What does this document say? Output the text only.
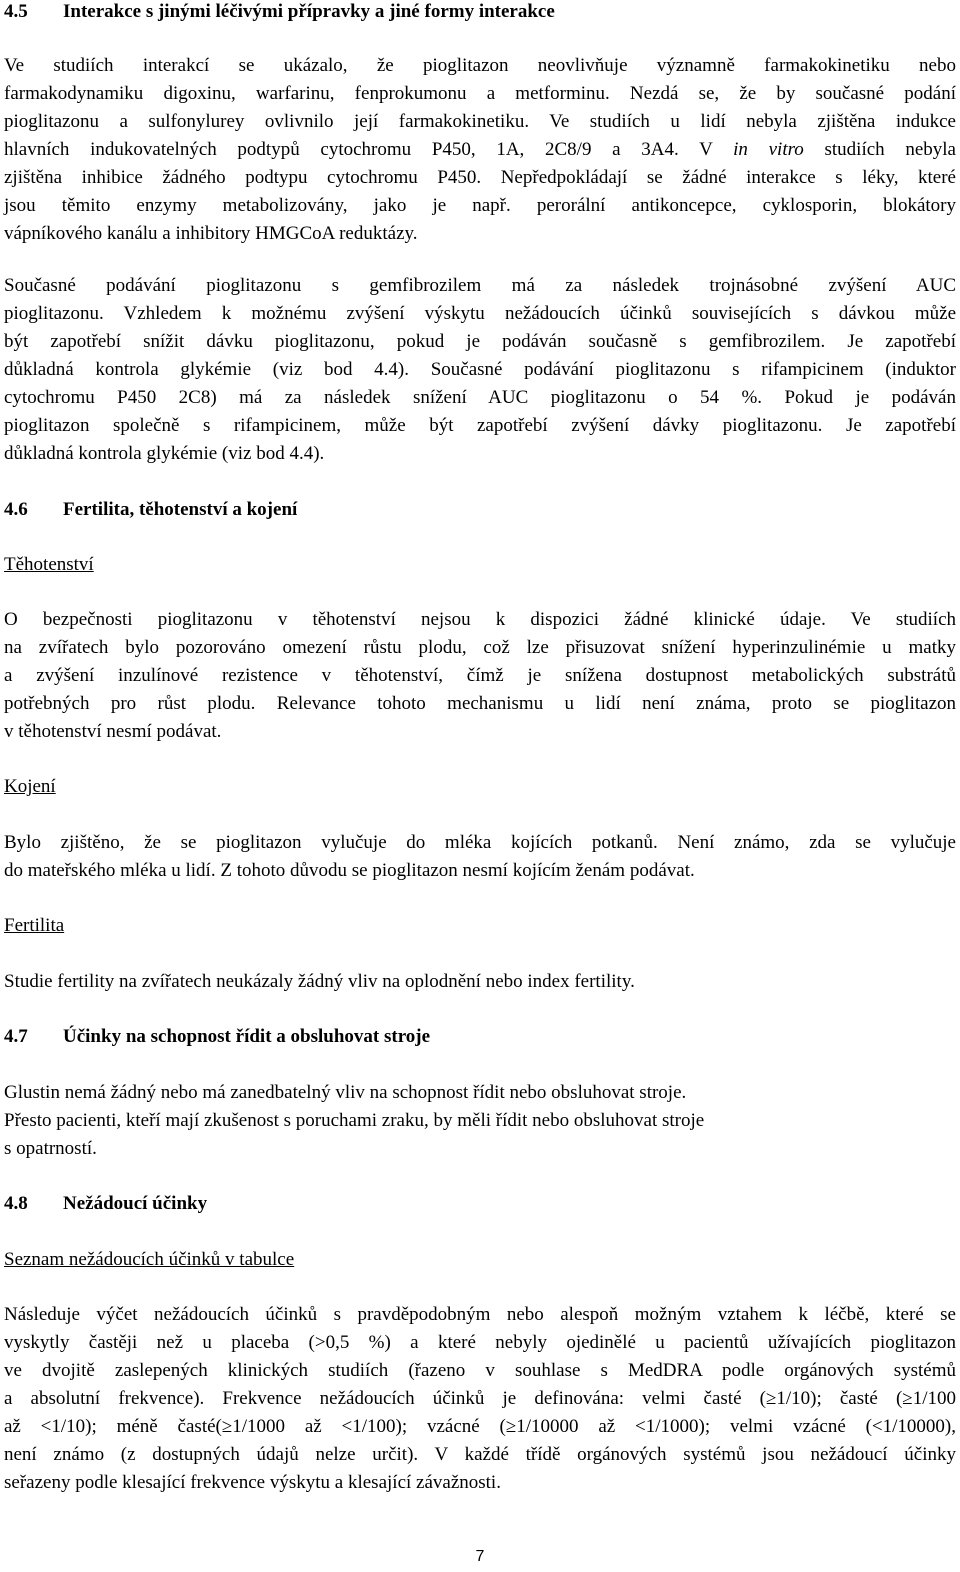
4.5 Interakce s jinými léčivými přípravky a jiné formy interakce
Ve studiích interakcí se ukázalo, že pioglitazon neovlivňuje významně farmakokinetiku nebo
farmakodynamiku digoxinu, warfarinu, fenprokumonu a metforminu. Nezdá se, že by současné podání
pioglitazonu a sulfonylurey ovlivnilo její farmakokinetiku. Ve studiích u lidí nebyla zjištěna indukce
hlavních indukovatelných podtypů cytochromu P450, 1A, 2C8/9 a 3A4. V in vitro studiích nebyla
zjištěna inhibice žádného podtypu cytochromu P450. Nepředpokládají se žádné interakce s léky, které
jsou těmito enzymy metabolizovány, jako je např. perorální antikoncepce, cyklosporin, blokátory
vápníkového kanálu a inhibitory HMGCoA reduktázy.
Současné podávání pioglitazonu s gemfibrozilem má za následek trojnásobné zvýšení AUC
pioglitazonu. Vzhledem k možnému zvýšení výskytu nežádoucích účinků souvisejících s dávkou může
být zapotřebí snížit dávku pioglitazonu, pokud je podáván současně s gemfibrozilem. Je zapotřebí
důkladná kontrola glykémie (viz bod 4.4). Současné podávání pioglitazonu s rifampicinem (induktor
cytochromu P450 2C8) má za následek snížení AUC pioglitazonu o 54 %. Pokud je podáván
pioglitazon společně s rifampicinem, může být zapotřebí zvýšení dávky pioglitazonu. Je zapotřebí
důkladná kontrola glykémie (viz bod 4.4).
4.6 Fertilita, těhotenství a kojení
Těhotenství
O bezpečnosti pioglitazonu v těhotenství nejsou k dispozici žádné klinické údaje. Ve studiích
na zvířatech bylo pozorováno omezení růstu plodu, což lze přisuzovat snížení hyperinzulinémie u matky
a zvýšení inzulínové rezistence v těhotenství, čímž je snížena dostupnost metabolických substrátů
potřebných pro růst plodu. Relevance tohoto mechanismu u lidí není známa, proto se pioglitazon
v těhotenství nesmí podávat.
Kojení
Bylo zjištěno, že se pioglitazon vylučuje do mléka kojících potkanů. Není známo, zda se vylučuje
do mateřského mléka u lidí. Z tohoto důvodu se pioglitazon nesmí kojícím ženám podávat.
Fertilita
Studie fertility na zvířatech neukázaly žádný vliv na oplodnění nebo index fertility.
4.7 Účinky na schopnost řídit a obsluhovat stroje
Glustin nemá žádný nebo má zanedbatelný vliv na schopnost řídit nebo obsluhovat stroje.
Přesto pacienti, kteří mají zkušenost s poruchami zraku, by měli řídit nebo obsluhovat stroje
s opatrností.
4.8 Nežádoucí účinky
Seznam nežádoucích účinků v tabulce
Následuje výčet nežádoucích účinků s pravděpodobným nebo alespoň možným vztahem k léčbě, které se
vyskytly častěji než u placeba (>0,5 %) a které nebyly ojedinělé u pacientů užívajících pioglitazon
ve dvojitě zaslepených klinických studiích (řazeno v souhlase s MedDRA podle orgánových systémů
a absolutní frekvence). Frekvence nežádoucích účinků je definována: velmi časté (≥1/10); časté (≥1/100
až <1/10); méně časté(≥1/1000 až <1/100); vzácné (≥1/10000 až <1/1000); velmi vzácné (<1/10000),
není známo (z dostupných údajů nelze určit). V každé třídě orgánových systémů jsou nežádoucí účinky
seřazeny podle klesající frekvence výskytu a klesající závažnosti.
7
